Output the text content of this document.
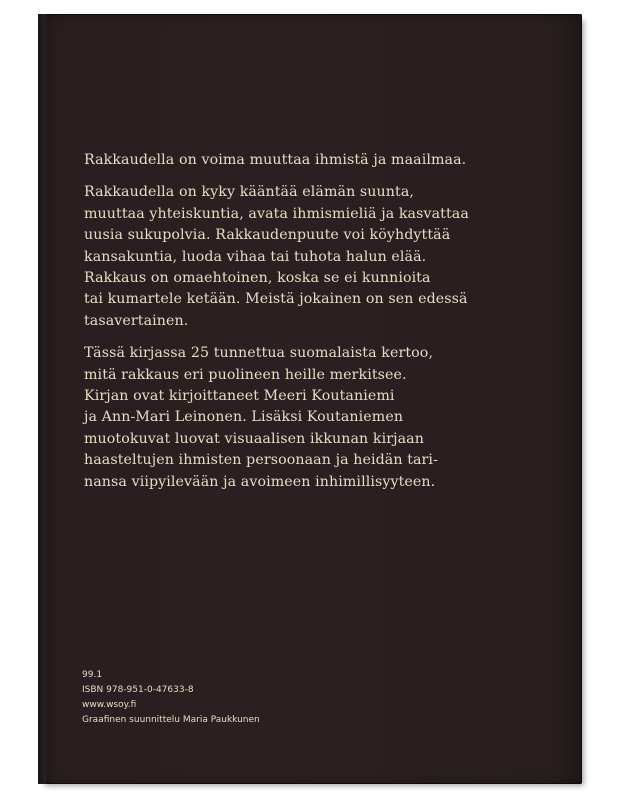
Rakkaudella on voima muuttaa ihmistä ja maailmaa.

Rakkaudella on kyky kääntää elämän suunta,
muuttaa yhteiskuntia, avata ihmismieliä ja kasvattaa
uusia sukupolvia. Rakkaudenpuute voi köyhdyttää
kansakuntia, luoda vihaa tai tuhota halun elää.
Rakkaus on omaehtoinen, koska se ei kunnioita
tai kumartele ketään. Meistä jokainen on sen edessä
tasavertainen.

Tässä kirjassa 25 tunnettua suomalaista kertoo,
mitä rakkaus eri puolineen heille merkitsee.
Kirjan ovat kirjoittaneet Meeri Koutaniemi
ja Ann-Mari Leinonen. Lisäksi Koutaniemen
muotokuvat luovat visuaalisen ikkunan kirjaan
haasteltujen ihmisten persoonaan ja heidän tari-
nansa viipyilevään ja avoimeen inhimillisyyteen.

99.1
ISBN 978-951-0-47633-8
www.wsoy.fi
Graafinen suunnittelu Maria Paukkunen
